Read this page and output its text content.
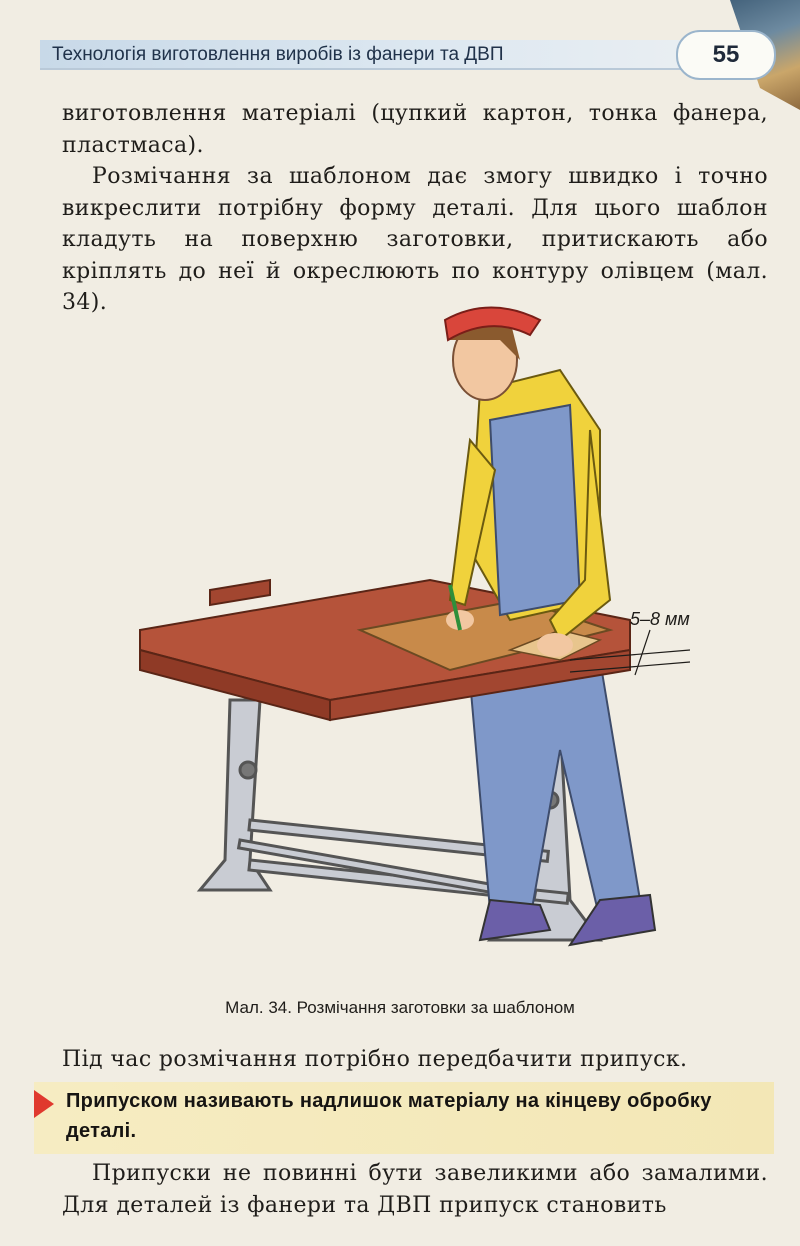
Технологія виготовлення виробів із фанери та ДВП	55

виготовлення матеріалі (цупкий картон, тонка фанера, пластмаса).

Розмічання за шаблоном дає змогу швидко і точно викреслити потрібну форму деталі. Для цього шаблон кладуть на поверхню заготовки, притискають або кріплять до неї й окреслюють по контуру олівцем (мал. 34).

5–8 мм
Мал. 34. Розмічання заготовки за шаблоном

Під час розмічання потрібно передбачити припуск.

Припуском називають надлишок матеріалу на кінцеву обробку деталі.

Припуски не повинні бути завеликими або замалими. Для деталей із фанери та ДВП припуск становить
